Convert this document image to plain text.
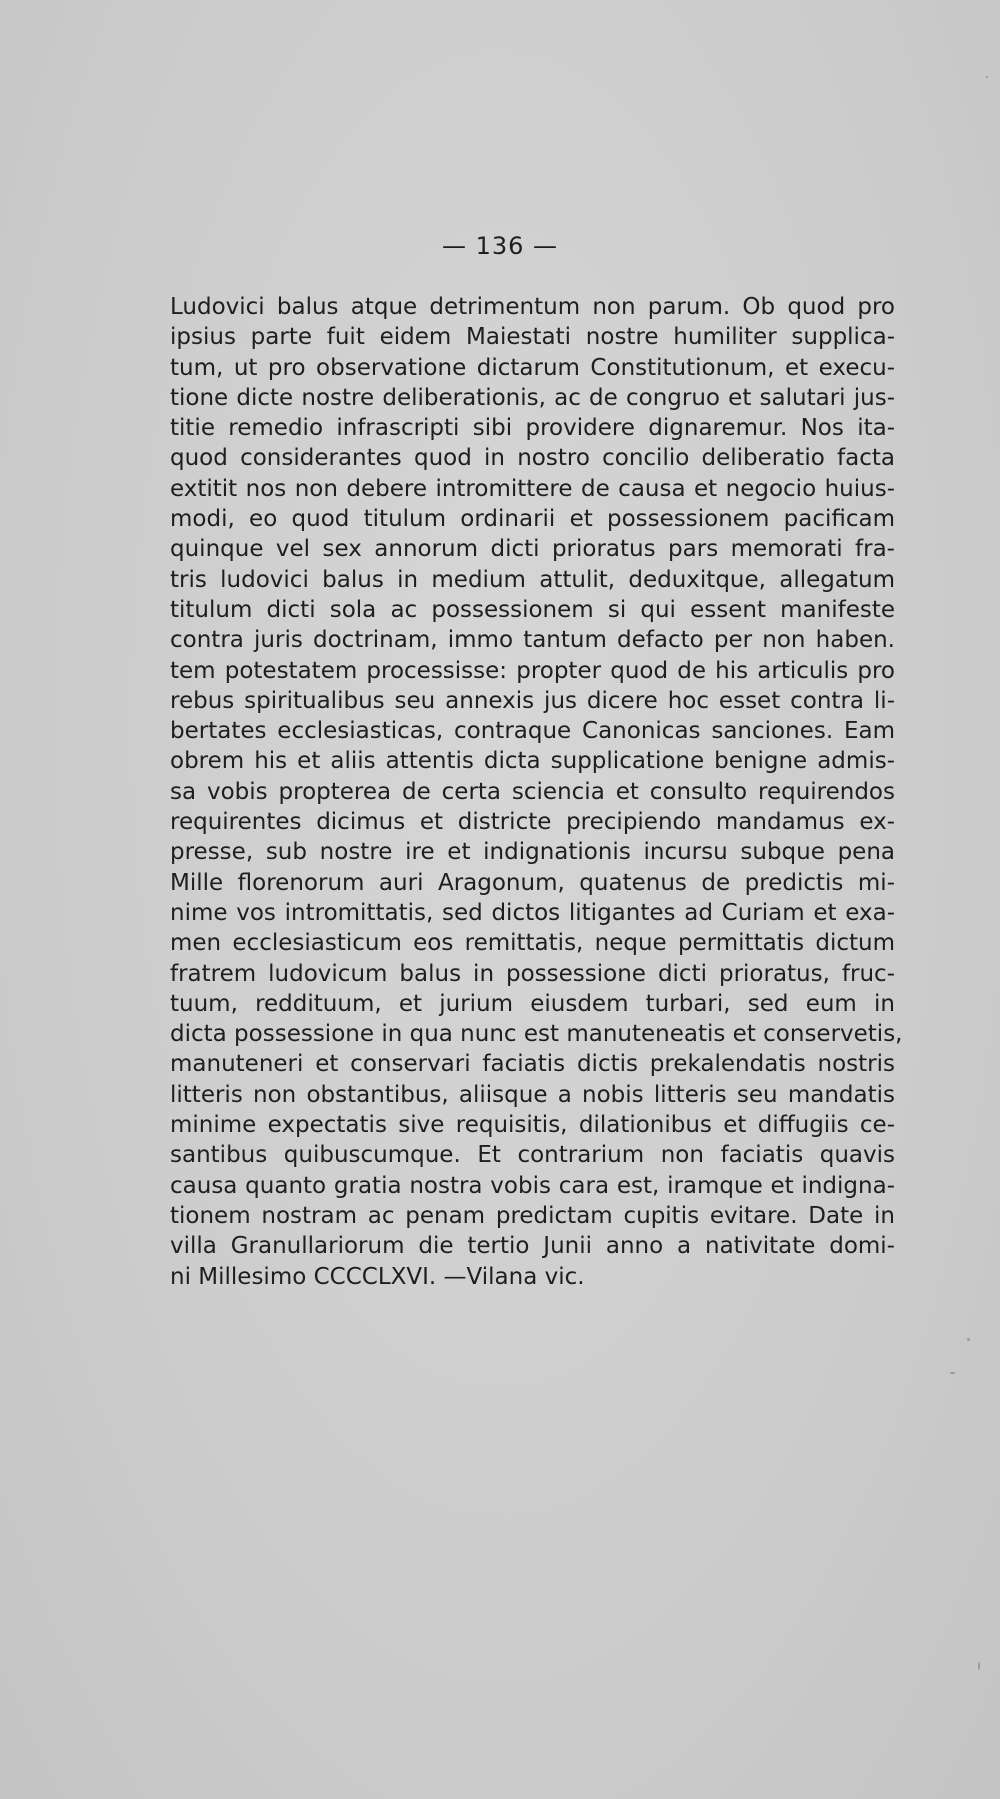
— 136 —
Ludovici balus atque detrimentum non parum. Ob quod pro
ipsius parte fuit eidem Maiestati nostre humiliter supplica-
tum, ut pro observatione dictarum Constitutionum, et execu-
tione dicte nostre deliberationis, ac de congruo et salutari jus-
titie remedio infrascripti sibi providere dignaremur. Nos ita-
quod considerantes quod in nostro concilio deliberatio facta
extitit nos non debere intromittere de causa et negocio huius-
modi, eo quod titulum ordinarii et possessionem pacificam
quinque vel sex annorum dicti prioratus pars memorati fra-
tris ludovici balus in medium attulit, deduxitque, allegatum
titulum dicti sola ac possessionem si qui essent manifeste
contra juris doctrinam, immo tantum defacto per non haben.
tem potestatem processisse: propter quod de his articulis pro
rebus spiritualibus seu annexis jus dicere hoc esset contra li-
bertates ecclesiasticas, contraque Canonicas sanciones. Eam
obrem his et aliis attentis dicta supplicatione benigne admis-
sa vobis propterea de certa sciencia et consulto requirendos
requirentes dicimus et districte precipiendo mandamus ex-
presse, sub nostre ire et indignationis incursu subque pena
Mille florenorum auri Aragonum, quatenus de predictis mi-
nime vos intromittatis, sed dictos litigantes ad Curiam et exa-
men ecclesiasticum eos remittatis, neque permittatis dictum
fratrem ludovicum balus in possessione dicti prioratus, fruc-
tuum, reddituum, et jurium eiusdem turbari, sed eum in
dicta possessione in qua nunc est manuteneatis et conservetis,
manuteneri et conservari faciatis dictis prekalendatis nostris
litteris non obstantibus, aliisque a nobis litteris seu mandatis
minime expectatis sive requisitis, dilationibus et diffugiis ce-
santibus quibuscumque. Et contrarium non faciatis quavis
causa quanto gratia nostra vobis cara est, iramque et indigna-
tionem nostram ac penam predictam cupitis evitare. Date in
villa Granullariorum die tertio Junii anno a nativitate domi-
ni Millesimo CCCCLXVI. —Vilana vic.
